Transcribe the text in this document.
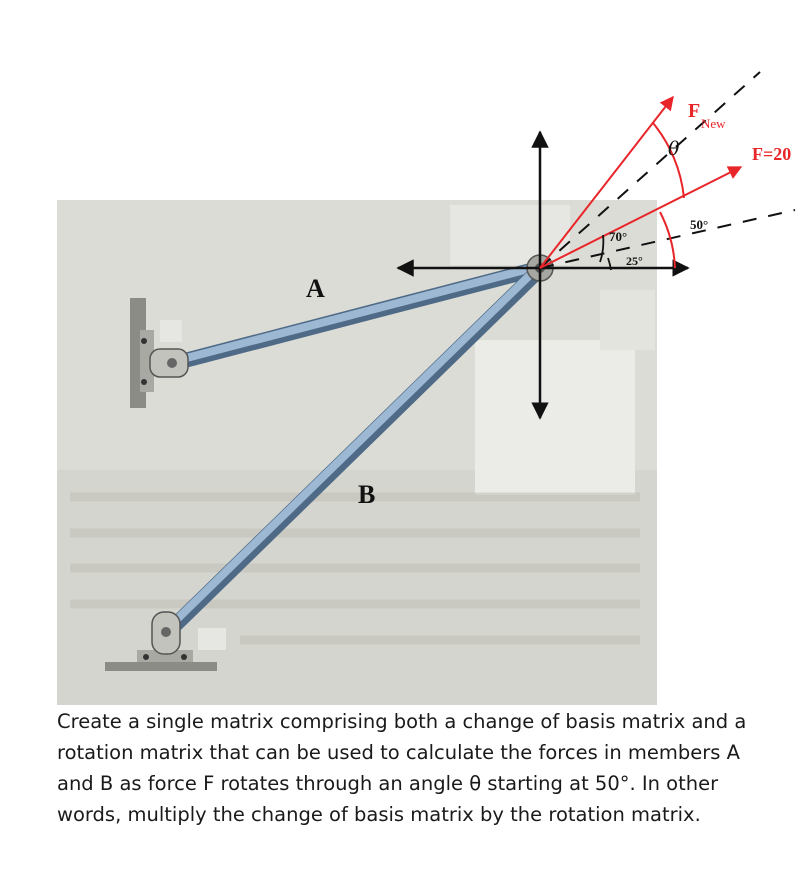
A
B
F
New
θ	F=20
50°
70°
25°

Create a single matrix comprising both a change of basis matrix and a rotation matrix that can be used to calculate the forces in members A and B as force F rotates through an angle θ starting at 50°. In other words, multiply the change of basis matrix by the rotation matrix.
